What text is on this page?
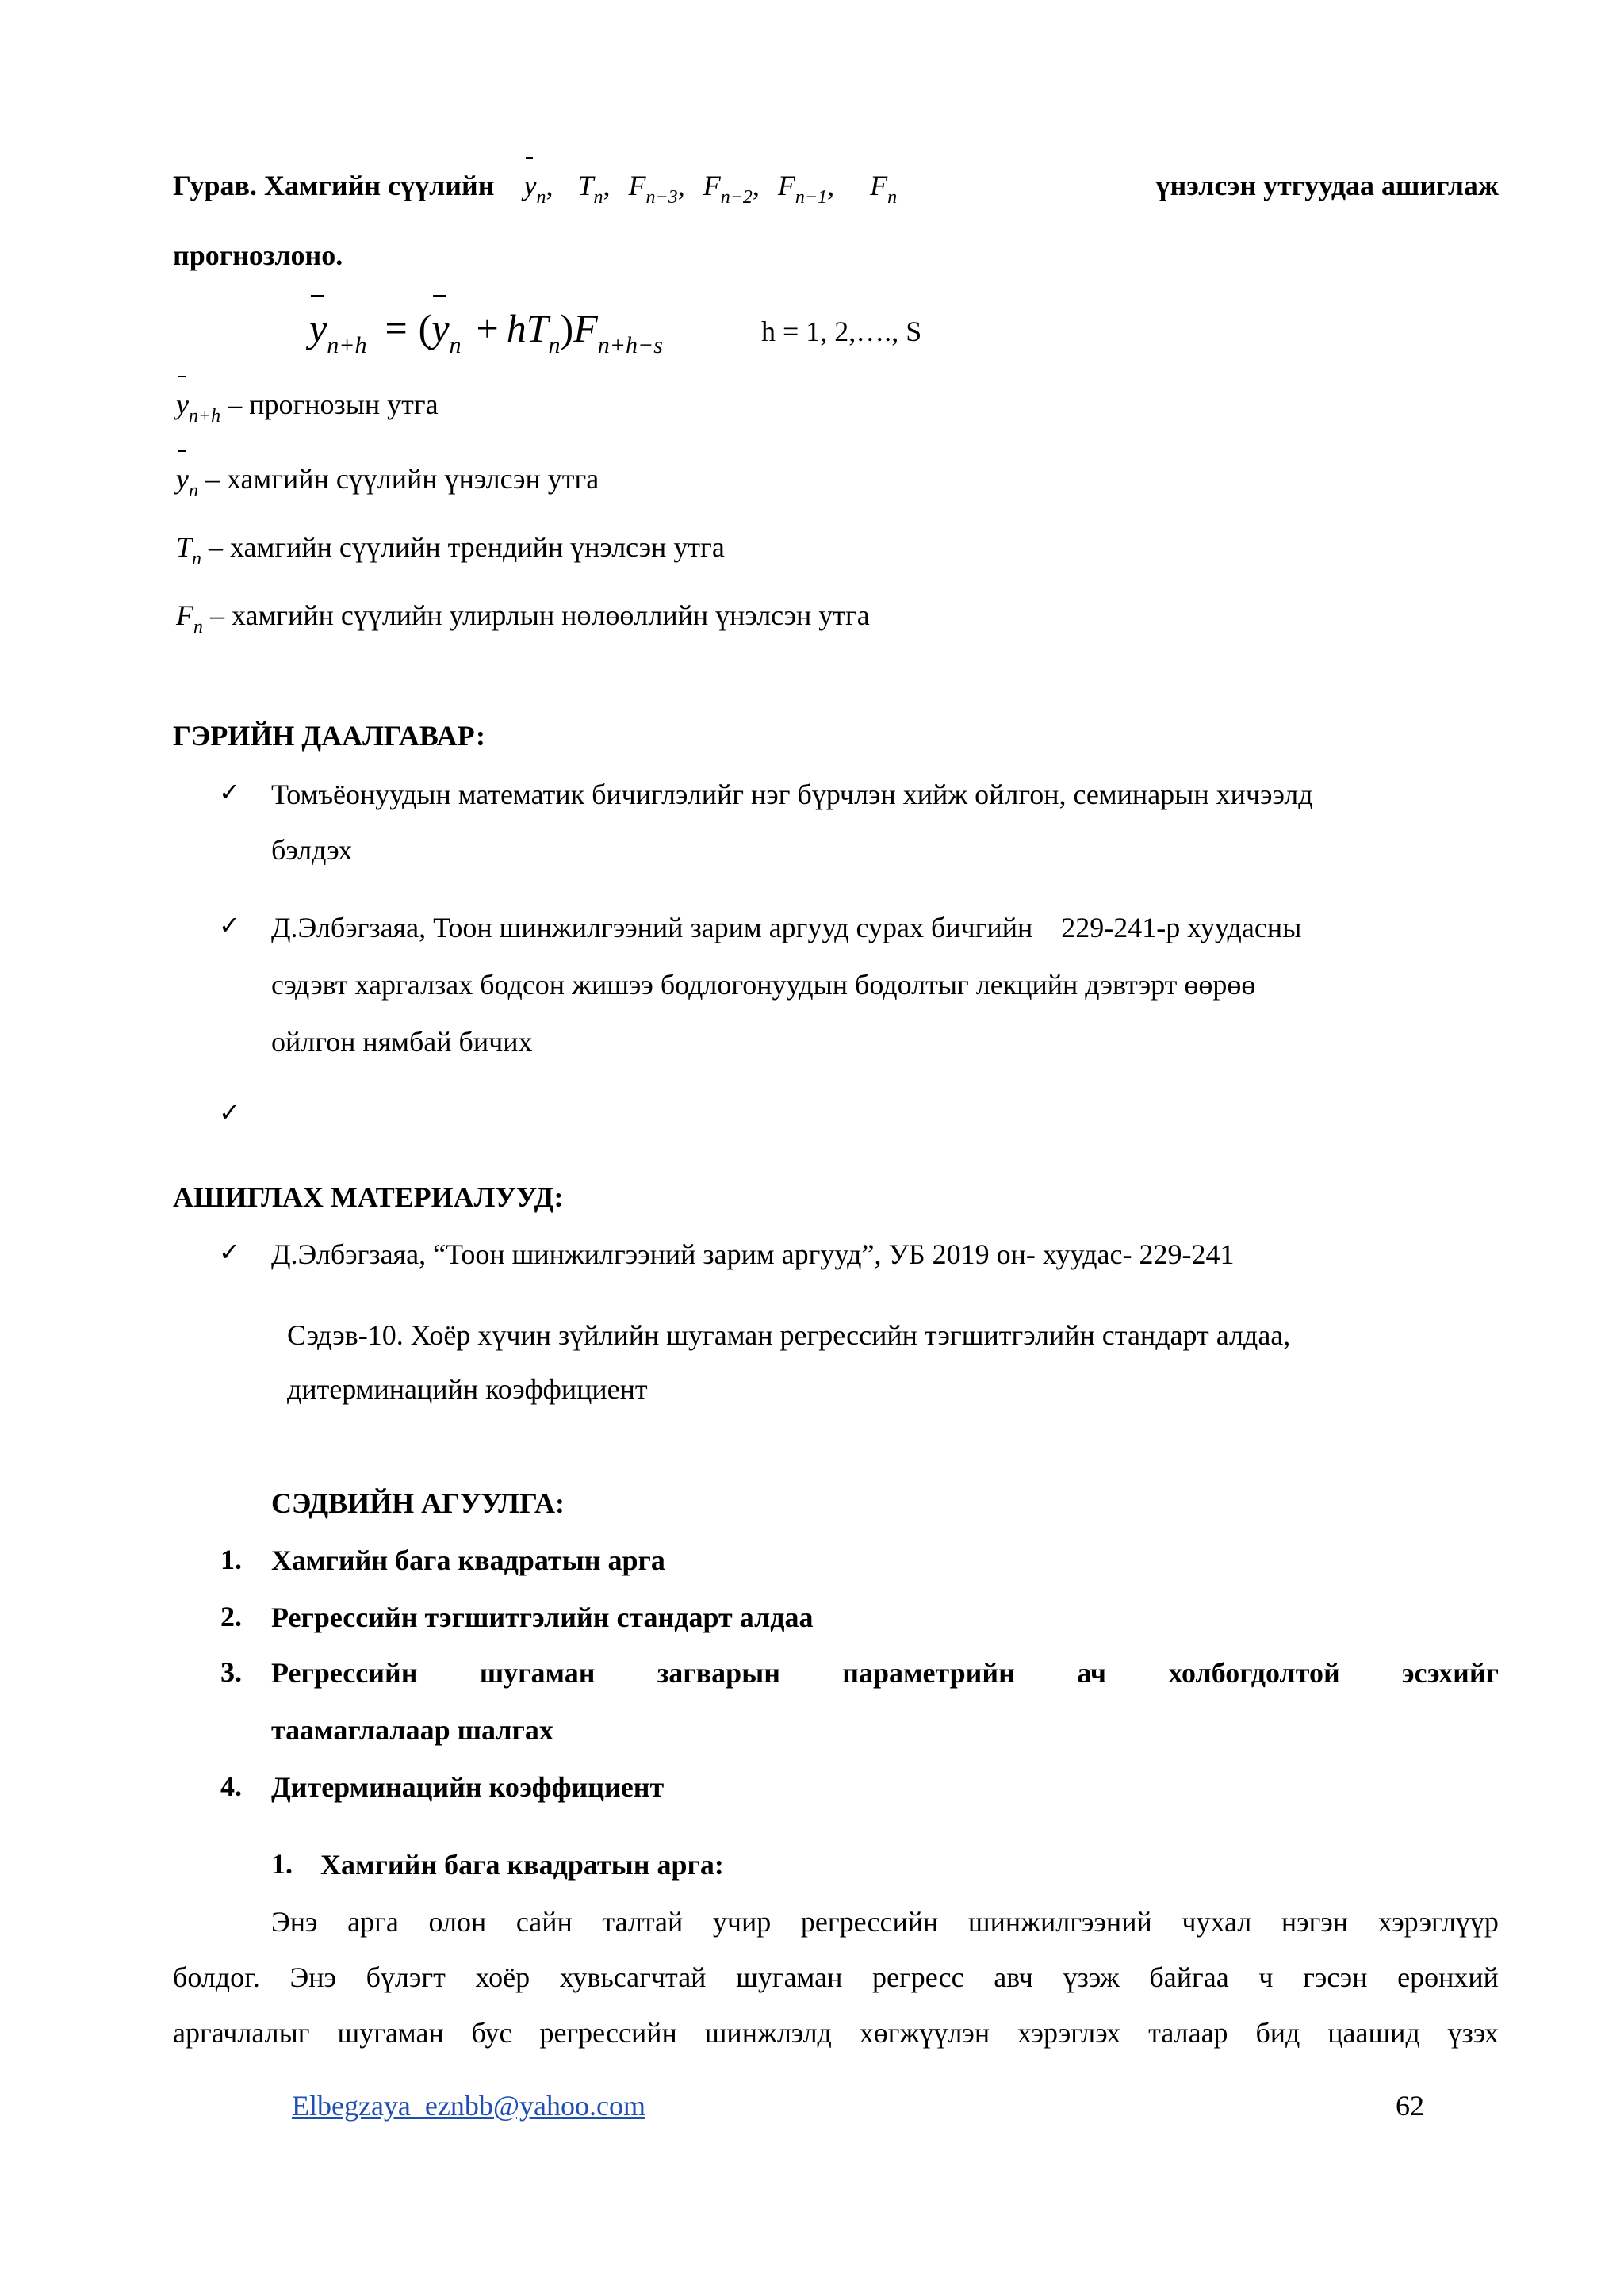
Гурав. Хамгийн сүүлийн $y_n$, $T_n$, $F_{n-3}$, $F_{n-2}$, $F_{n-1}$, $F_n$	үнэлсэн утгуудаа ашиглаж
прогнозлоно.
$y_{n+h} = (y_n + hT_n)F_{n+h-s}$	h = 1, 2,…., S
$y_{n+h}$ – прогнозын утга
$y_n$ – хамгийн сүүлийн үнэлсэн утга
$T_n$ – хамгийн сүүлийн трендийн үнэлсэн утга
$F_n$ – хамгийн сүүлийн улирлын нөлөөллийн үнэлсэн утга
ГЭРИЙН ДААЛГАВАР:
✓ Томъёонуудын математик бичиглэлийг нэг бүрчлэн хийж ойлгон, семинарын хичээлд
бэлдэх
✓ Д.Элбэгзаяа, Тоон шинжилгээний зарим аргууд сурах бичгийн    229-241-р хуудасны
сэдэвт харгалзах бодсон жишээ бодлогонуудын бодолтыг лекцийн дэвтэрт өөрөө
ойлгон нямбай бичих
✓
АШИГЛАХ МАТЕРИАЛУУД:
✓ Д.Элбэгзаяа, “Тоон шинжилгээний зарим аргууд”, УБ 2019 он- хуудас- 229-241
Сэдэв-10. Хоёр хүчин зүйлийн шугаман регрессийн тэгшитгэлийн стандарт алдаа,
дитерминацийн коэффициент
СЭДВИЙН АГУУЛГА:
1. Хамгийн бага квадратын арга
2. Регрессийн тэгшитгэлийн стандарт алдаа
3. Регрессийн шугаман загварын параметрийн ач холбогдолтой эсэхийг
таамаглалаар шалгах
4. Дитерминацийн коэффициент
1. Хамгийн бага квадратын арга:
Энэ арга олон сайн талтай учир регрессийн шинжилгээний чухал нэгэн хэрэглүүр
болдог. Энэ бүлэгт хоёр хувьсагчтай шугаман регресс авч үзэж байгаа ч гэсэн ерөнхий
аргачлалыг шугаман бус регрессийн шинжлэлд хөгжүүлэн хэрэглэх талаар бид цаашид үзэх
Elbegzaya_eznbb@yahoo.com	62
